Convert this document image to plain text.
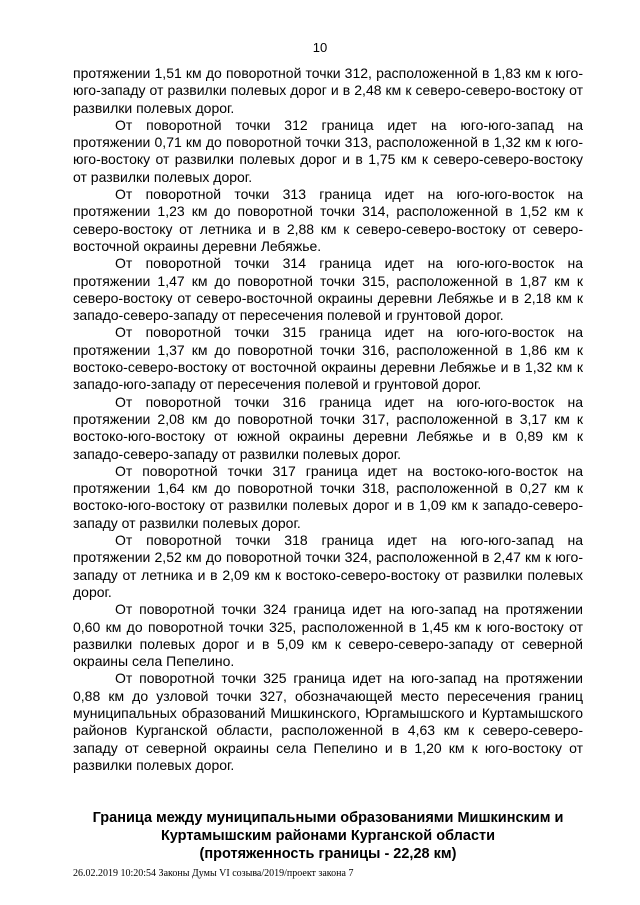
10

протяжении 1,51 км до поворотной точки 312, расположенной в 1,83 км к юго-юго-западу от развилки полевых дорог и в 2,48 км к северо-северо-востоку от развилки полевых дорог.

От поворотной точки 312 граница идет на юго-юго-запад на протяжении 0,71 км до поворотной точки 313, расположенной в 1,32 км к юго-юго-востоку от развилки полевых дорог и в 1,75 км к северо-северо-востоку от развилки полевых дорог.

От поворотной точки 313 граница идет на юго-юго-восток на протяжении 1,23 км до поворотной точки 314, расположенной в 1,52 км к северо-востоку от летника и в 2,88 км к северо-северо-востоку от северо-восточной окраины деревни Лебяжье.

От поворотной точки 314 граница идет на юго-юго-восток на протяжении 1,47 км до поворотной точки 315, расположенной в 1,87 км к северо-востоку от северо-восточной окраины деревни Лебяжье и в 2,18 км к западо-северо-западу от пересечения полевой и грунтовой дорог.

От поворотной точки 315 граница идет на юго-юго-восток на протяжении 1,37 км до поворотной точки 316, расположенной в 1,86 км к востоко-северо-востоку от восточной окраины деревни Лебяжье и в 1,32 км к западо-юго-западу от пересечения полевой и грунтовой дорог.

От поворотной точки 316 граница идет на юго-юго-восток на протяжении 2,08 км до поворотной точки 317, расположенной в 3,17 км к востоко-юго-востоку от южной окраины деревни Лебяжье и в 0,89 км к западо-северо-западу от развилки полевых дорог.

От поворотной точки 317 граница идет на востоко-юго-восток на протяжении 1,64 км до поворотной точки 318, расположенной в 0,27 км к востоко-юго-востоку от развилки полевых дорог и в 1,09 км к западо-северо-западу от развилки полевых дорог.

От поворотной точки 318 граница идет на юго-юго-запад на протяжении 2,52 км до поворотной точки 324, расположенной в 2,47 км к юго-западу от летника и в 2,09 км к востоко-северо-востоку от развилки полевых дорог.

От поворотной точки 324 граница идет на юго-запад на протяжении 0,60 км до поворотной точки 325, расположенной в 1,45 км к юго-востоку от развилки полевых дорог и в 5,09 км к северо-северо-западу от северной окраины села Пепелино.

От поворотной точки 325 граница идет на юго-запад на протяжении 0,88 км до узловой точки 327, обозначающей место пересечения границ муниципальных образований Мишкинского, Юргамышского и Куртамышского районов Курганской области, расположенной в 4,63 км к северо-северо-западу от северной окраины села Пепелино и в 1,20 км к юго-востоку от развилки полевых дорог.

Граница между муниципальными образованиями Мишкинским и
Куртамышским районами Курганской области
(протяженность границы - 22,28 км)
26.02.2019 10:20:54 Законы Думы VI созыва/2019/проект закона 7
